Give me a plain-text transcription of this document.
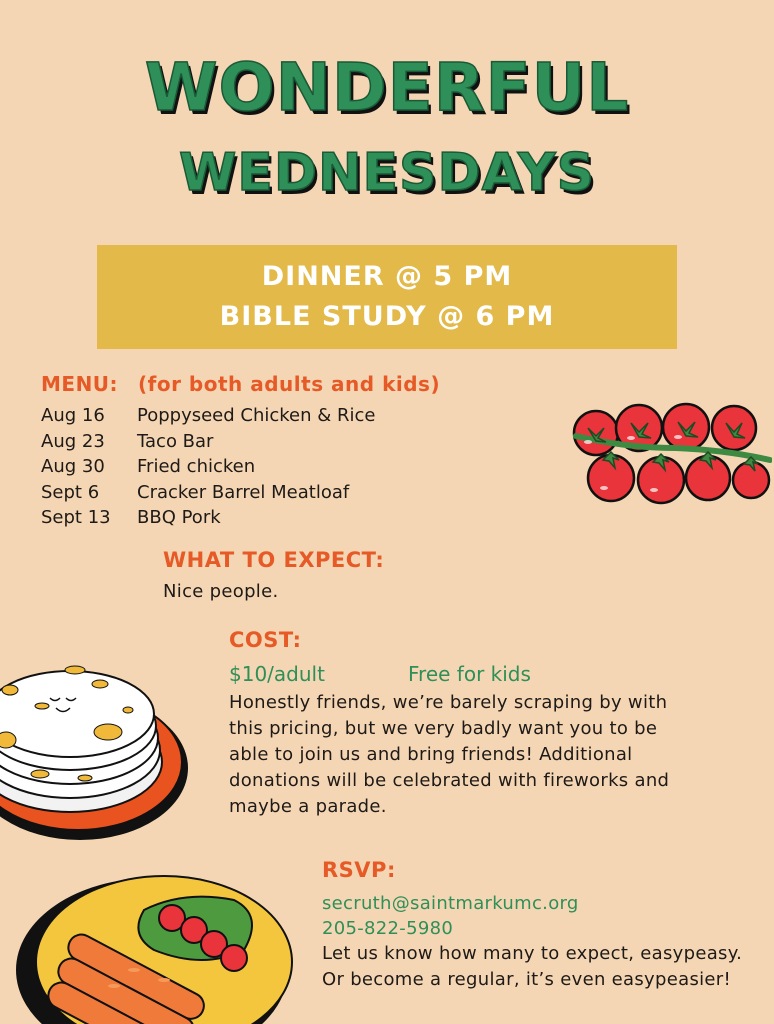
WONDERFUL
WEDNESDAYS
DINNER @ 5 PM
BIBLE STUDY @ 6 PM
MENU: (for both adults and kids)
Aug 16	Poppyseed Chicken & Rice
Aug 23	Taco Bar
Aug 30	Fried chicken
Sept 6	Cracker Barrel Meatloaf
Sept 13	BBQ Pork
WHAT TO EXPECT:
Nice people.
COST:
$10/adult	Free for kids
Honestly friends, we’re barely scraping by with
this pricing, but we very badly want you to be
able to join us and bring friends! Additional
donations will be celebrated with fireworks and
maybe a parade.
RSVP:
secruth@saintmarkumc.org
205-822-5980
Let us know how many to expect, easypeasy.
Or become a regular, it’s even easypeasier!
